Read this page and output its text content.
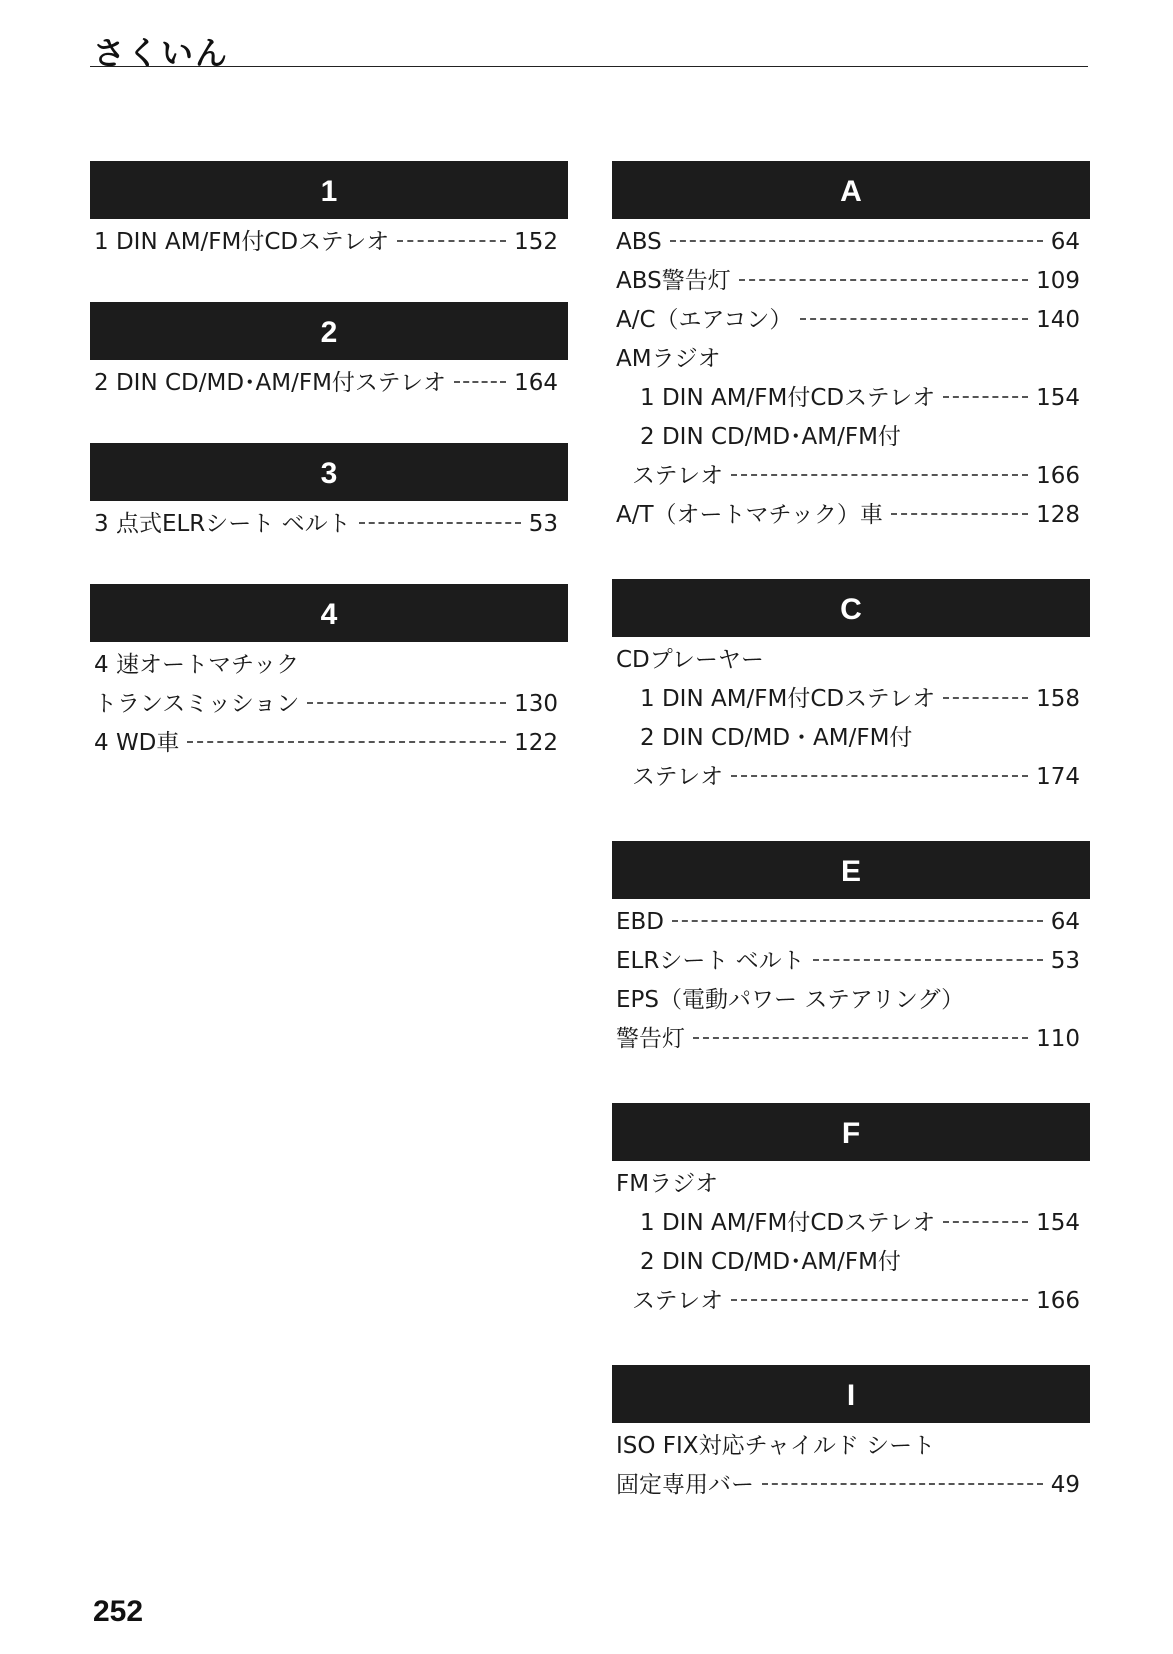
さくいん
1
1 DIN AM/FM付CDステレオ	152
2
2 DIN CD/MD･AM/FM付ステレオ	164
3
3 点式ELRシート ベルト	53
4
4 速オートマチック
トランスミッション	130
4 WD車	122
A
ABS	64
ABS警告灯	109
A/C（エアコン）	140
AMラジオ
1 DIN AM/FM付CDステレオ	154
2 DIN CD/MD･AM/FM付
ステレオ	166
A/T（オートマチック）車	128
C
CDプレーヤー
1 DIN AM/FM付CDステレオ	158
2 DIN CD/MD・AM/FM付
ステレオ	174
E
EBD	64
ELRシート ベルト	53
EPS（電動パワー ステアリング）
警告灯	110
F
FMラジオ
1 DIN AM/FM付CDステレオ	154
2 DIN CD/MD･AM/FM付
ステレオ	166
I
ISO FIX対応チャイルド シート
固定専用バー	49
252
